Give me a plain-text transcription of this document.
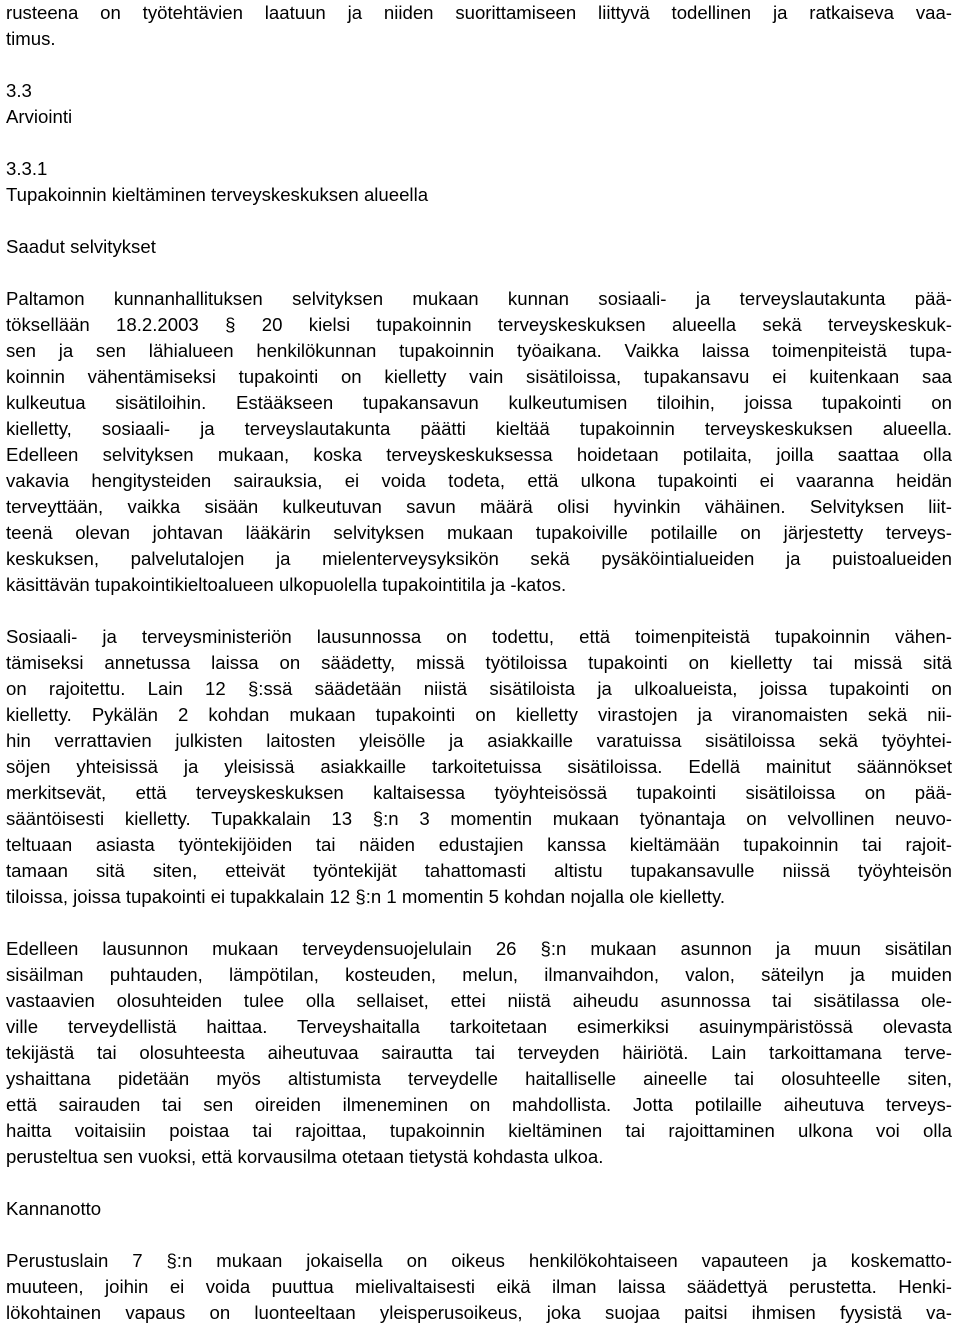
rusteena on työtehtävien laatuun ja niiden suorittamiseen liittyvä todellinen ja ratkaiseva vaa-

timus.

3.3

Arviointi

3.3.1

Tupakoinnin kieltäminen terveyskeskuksen alueella

Saadut selvitykset

Paltamon kunnanhallituksen selvityksen mukaan kunnan sosiaali- ja terveyslautakunta pää-

töksellään 18.2.2003 § 20 kielsi tupakoinnin terveyskeskuksen alueella sekä terveyskeskuk-

sen ja sen lähialueen henkilökunnan tupakoinnin työaikana. Vaikka laissa toimenpiteistä tupa-

koinnin vähentämiseksi tupakointi on kielletty vain sisätiloissa, tupakansavu ei kuitenkaan saa

kulkeutua sisätiloihin. Estääkseen tupakansavun kulkeutumisen tiloihin, joissa tupakointi on

kielletty, sosiaali- ja terveyslautakunta päätti kieltää tupakoinnin terveyskeskuksen alueella.

Edelleen selvityksen mukaan, koska terveyskeskuksessa hoidetaan potilaita, joilla saattaa olla

vakavia hengitysteiden sairauksia, ei voida todeta, että ulkona tupakointi ei vaaranna heidän

terveyttään, vaikka sisään kulkeutuvan savun määrä olisi hyvinkin vähäinen. Selvityksen liit-

teenä olevan johtavan lääkärin selvityksen mukaan tupakoiville potilaille on järjestetty terveys-

keskuksen, palvelutalojen ja mielenterveysyksikön sekä pysäköintialueiden ja puistoalueiden

käsittävän tupakointikieltoalueen ulkopuolella tupakointitila ja -katos.

Sosiaali- ja terveysministeriön lausunnossa on todettu, että toimenpiteistä tupakoinnin vähen-

tämiseksi annetussa laissa on säädetty, missä työtiloissa tupakointi on kielletty tai missä sitä

on rajoitettu. Lain 12 §:ssä säädetään niistä sisätiloista ja ulkoalueista, joissa tupakointi on

kielletty. Pykälän 2 kohdan mukaan tupakointi on kielletty virastojen ja viranomaisten sekä nii-

hin verrattavien julkisten laitosten yleisölle ja asiakkaille varatuissa sisätiloissa sekä työyhtei-

söjen yhteisissä ja yleisissä asiakkaille tarkoitetuissa sisätiloissa. Edellä mainitut säännökset

merkitsevät, että terveyskeskuksen kaltaisessa työyhteisössä tupakointi sisätiloissa on pää-

sääntöisesti kielletty. Tupakkalain 13 §:n 3 momentin mukaan työnantaja on velvollinen neuvo-

teltuaan asiasta työntekijöiden tai näiden edustajien kanssa kieltämään tupakoinnin tai rajoit-

tamaan sitä siten, etteivät työntekijät tahattomasti altistu tupakansavulle niissä työyhteisön

tiloissa, joissa tupakointi ei tupakkalain 12 §:n 1 momentin 5 kohdan nojalla ole kielletty.

Edelleen lausunnon mukaan terveydensuojelulain 26 §:n mukaan asunnon ja muun sisätilan

sisäilman puhtauden, lämpötilan, kosteuden, melun, ilmanvaihdon, valon, säteilyn ja muiden

vastaavien olosuhteiden tulee olla sellaiset, ettei niistä aiheudu asunnossa tai sisätilassa ole-

ville terveydellistä haittaa. Terveyshaitalla tarkoitetaan esimerkiksi asuinympäristössä olevasta

tekijästä tai olosuhteesta aiheutuvaa sairautta tai terveyden häiriötä. Lain tarkoittamana terve-

yshaittana pidetään myös altistumista terveydelle haitalliselle aineelle tai olosuhteelle siten,

että sairauden tai sen oireiden ilmeneminen on mahdollista. Jotta potilaille aiheutuva terveys-

haitta voitaisiin poistaa tai rajoittaa, tupakoinnin kieltäminen tai rajoittaminen ulkona voi olla

perusteltua sen vuoksi, että korvausilma otetaan tietystä kohdasta ulkoa.

Kannanotto

Perustuslain 7 §:n mukaan jokaisella on oikeus henkilökohtaiseen vapauteen ja koskematto-

muuteen, joihin ei voida puuttua mielivaltaisesti eikä ilman laissa säädettyä perustetta. Henki-

lökohtainen vapaus on luonteeltaan yleisperusoikeus, joka suojaa paitsi ihmisen fyysistä va-
